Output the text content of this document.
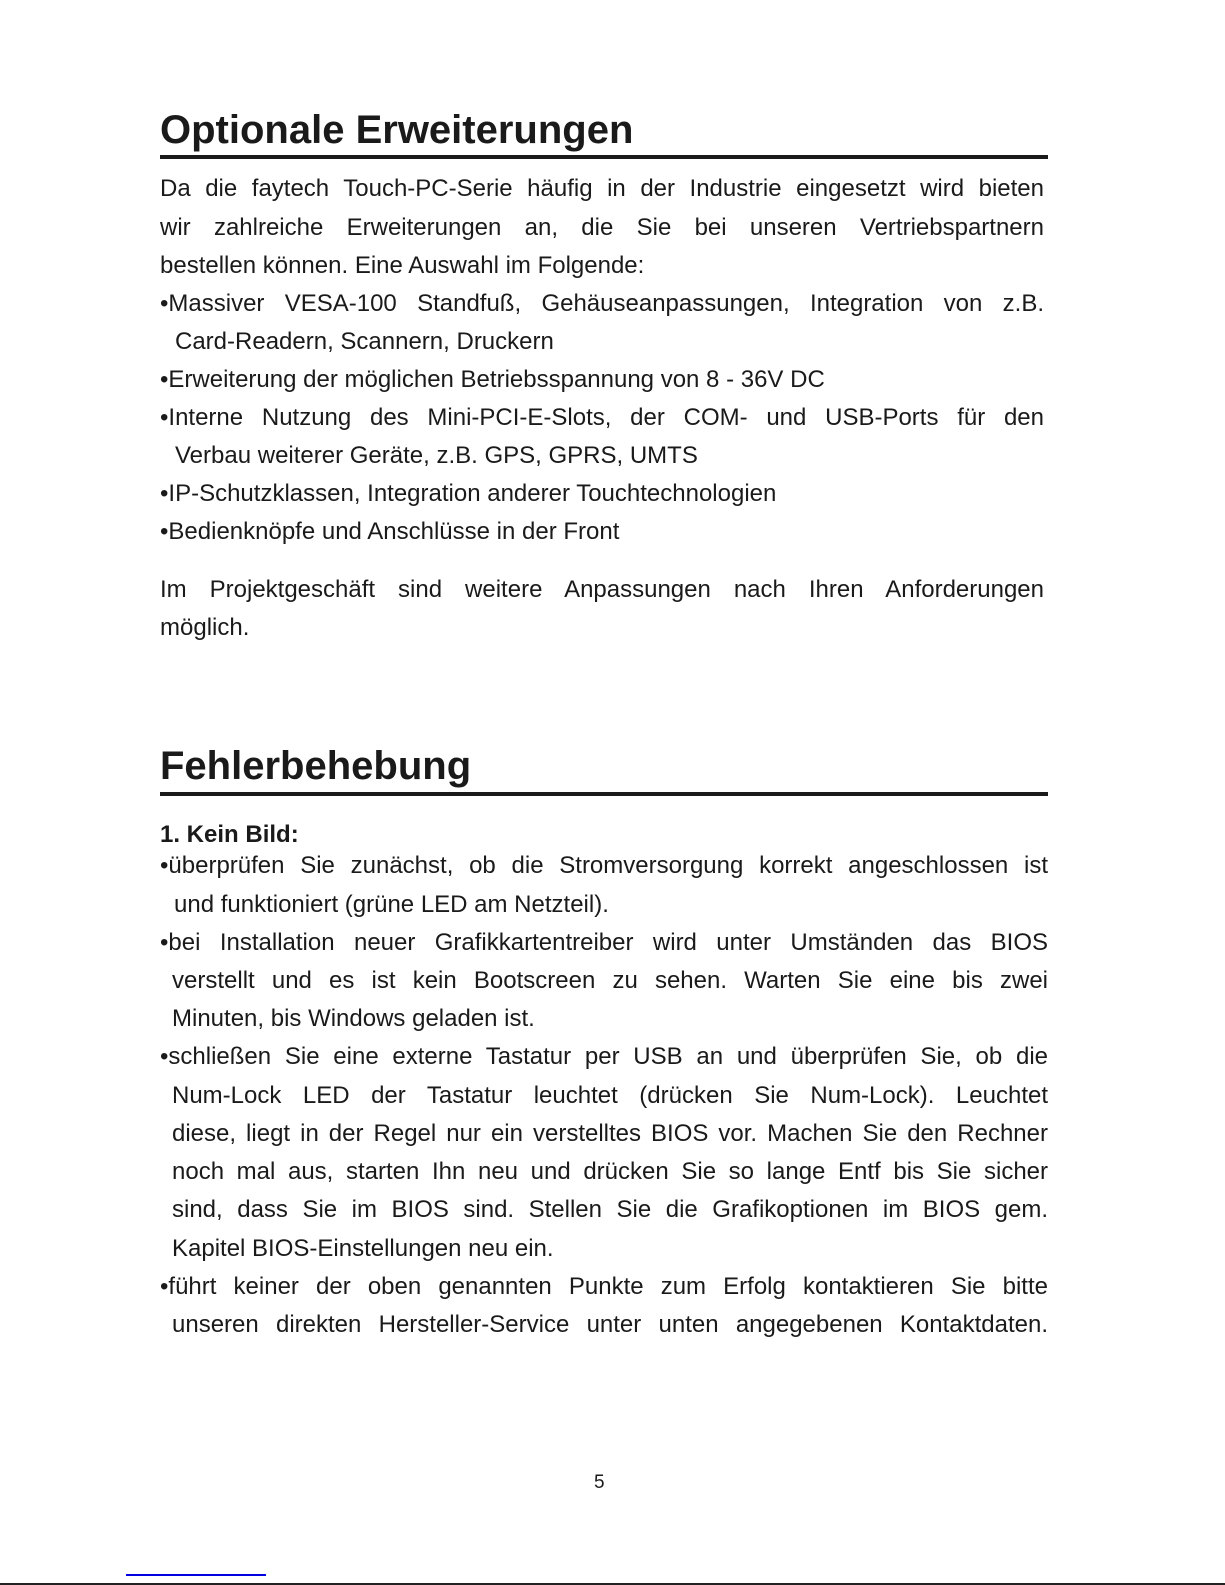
Optionale Erweiterungen
Da die faytech Touch-PC-Serie häufig in der Industrie eingesetzt wird bieten
wir zahlreiche Erweiterungen an, die Sie bei unseren Vertriebspartnern
bestellen können. Eine Auswahl im Folgende:
•Massiver VESA-100 Standfuß, Gehäuseanpassungen, Integration von z.B.
Card-Readern, Scannern, Druckern
•Erweiterung der möglichen Betriebsspannung von 8 - 36V DC
•Interne Nutzung des Mini-PCI-E-Slots, der COM- und USB-Ports für den
Verbau weiterer Geräte, z.B. GPS, GPRS, UMTS
•IP-Schutzklassen, Integration anderer Touchtechnologien
•Bedienknöpfe und Anschlüsse in der Front
Im Projektgeschäft sind weitere Anpassungen nach Ihren Anforderungen
möglich.
Fehlerbehebung
1. Kein Bild:
•überprüfen Sie zunächst, ob die Stromversorgung korrekt angeschlossen ist
und funktioniert (grüne LED am Netzteil).
•bei Installation neuer Grafikkartentreiber wird unter Umständen das BIOS
verstellt und es ist kein Bootscreen zu sehen. Warten Sie eine bis zwei
Minuten, bis Windows geladen ist.
•schließen Sie eine externe Tastatur per USB an und überprüfen Sie, ob die
Num-Lock LED der Tastatur leuchtet (drücken Sie Num-Lock). Leuchtet
diese, liegt in der Regel nur ein verstelltes BIOS vor. Machen Sie den Rechner
noch mal aus, starten Ihn neu und drücken Sie so lange Entf bis Sie sicher
sind, dass Sie im BIOS sind. Stellen Sie die Grafikoptionen im BIOS gem.
Kapitel BIOS-Einstellungen neu ein.
•führt keiner der oben genannten Punkte zum Erfolg kontaktieren Sie bitte
unseren direkten Hersteller-Service unter unten angegebenen Kontaktdaten.
5
